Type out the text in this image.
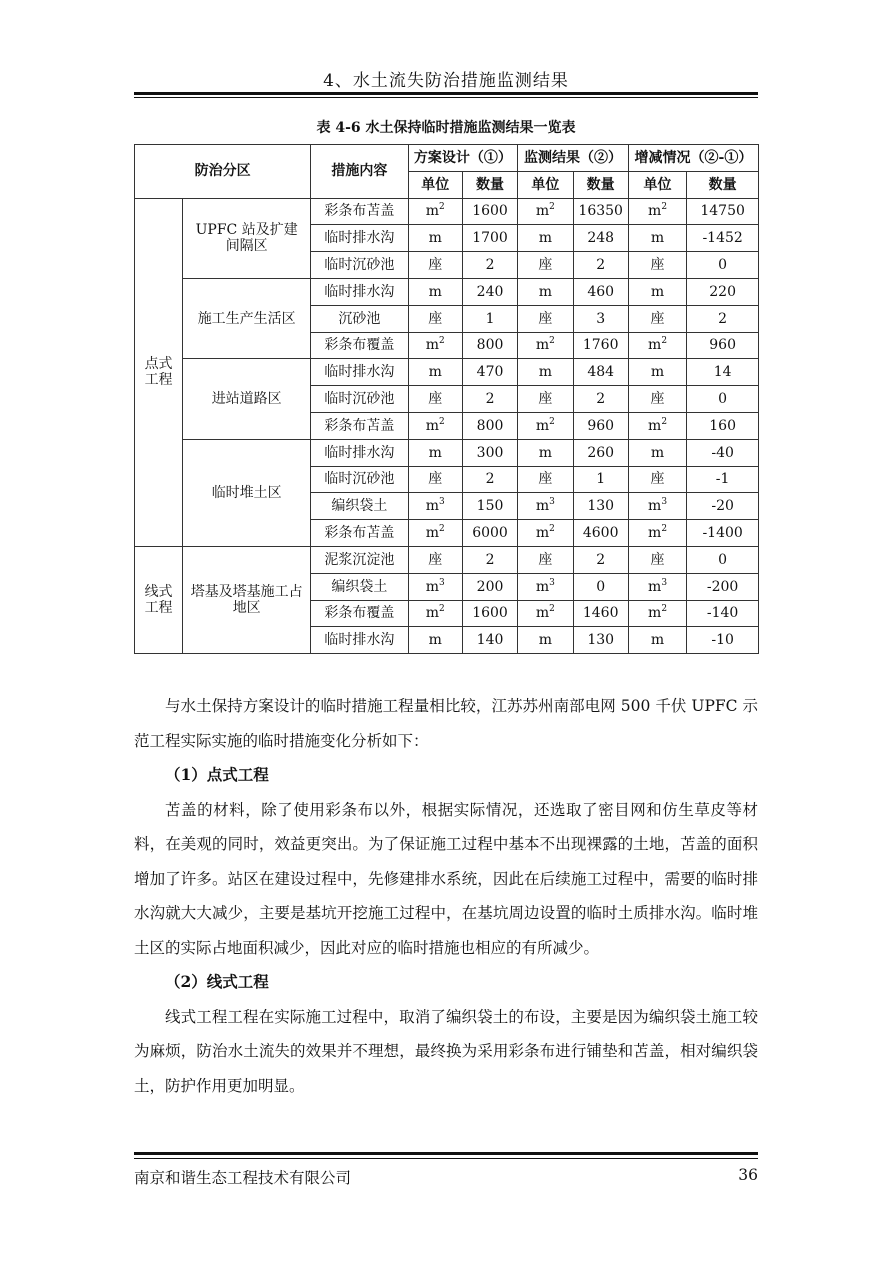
4、水土流失防治措施监测结果
表 4-6 水土保持临时措施监测结果一览表
防治分区		措施内容	方案设计（①）		监测结果（②）		增减情况（②-①）	
			单位	数量	单位	数量	单位	数量
点式工程	UPFC 站及扩建间隔区	彩条布苫盖	$m^2$	1600	$m^2$	16350	$m^2$	14750
		临时排水沟	m	1700	m	248	m	-1452
		临时沉砂池	座	2	座	2	座	0
	施工生产生活区	临时排水沟	m	240	m	460	m	220
		沉砂池	座	1	座	3	座	2
		彩条布覆盖	$m^2$	800	$m^2$	1760	$m^2$	960
	进站道路区	临时排水沟	m	470	m	484	m	14
		临时沉砂池	座	2	座	2	座	0
		彩条布苫盖	$m^2$	800	$m^2$	960	$m^2$	160
	临时堆土区	临时排水沟	m	300	m	260	m	-40
		临时沉砂池	座	2	座	1	座	-1
		编织袋土	$m^3$	150	$m^3$	130	$m^3$	-20
		彩条布苫盖	$m^2$	6000	$m^2$	4600	$m^2$	-1400
线式工程	塔基及塔基施工占地区	泥浆沉淀池	座	2	座	2	座	0
		编织袋土	$m^3$	200	$m^3$	0	$m^3$	-200
		彩条布覆盖	$m^2$	1600	$m^2$	1460	$m^2$	-140
		临时排水沟	m	140	m	130	m	-10

与水土保持方案设计的临时措施工程量相比较，江苏苏州南部电网 500 千伏 UPFC 示范工程实际实施的临时措施变化分析如下：

（1）点式工程

苫盖的材料，除了使用彩条布以外，根据实际情况，还选取了密目网和仿生草皮等材料，在美观的同时，效益更突出。为了保证施工过程中基本不出现裸露的土地，苫盖的面积增加了许多。站区在建设过程中，先修建排水系统，因此在后续施工过程中，需要的临时排水沟就大大减少，主要是基坑开挖施工过程中，在基坑周边设置的临时土质排水沟。临时堆土区的实际占地面积减少，因此对应的临时措施也相应的有所减少。

（2）线式工程

线式工程工程在实际施工过程中，取消了编织袋土的布设，主要是因为编织袋土施工较为麻烦，防治水土流失的效果并不理想，最终换为采用彩条布进行铺垫和苫盖，相对编织袋土，防护作用更加明显。

南京和谐生态工程技术有限公司	36
